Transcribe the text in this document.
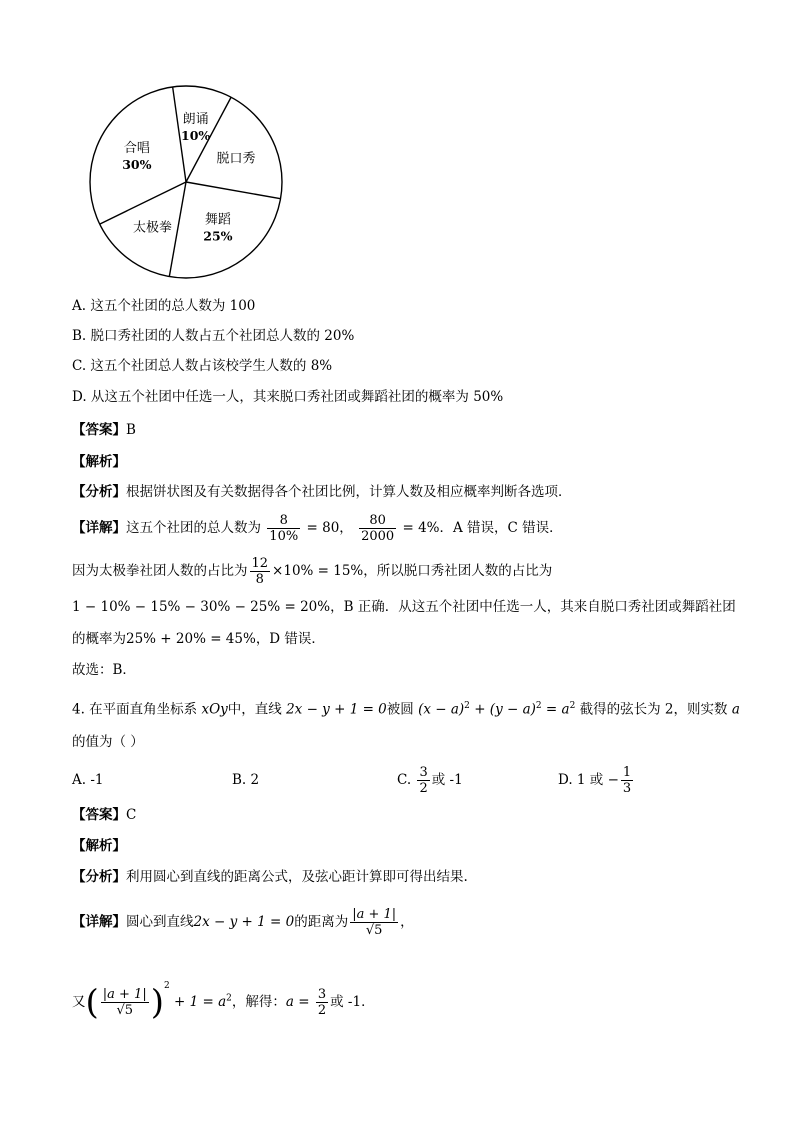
朗诵
10%
脱口秀
舞蹈
25%
太极拳
合唱
30%
A. 这五个社团的总人数为 100
B. 脱口秀社团的人数占五个社团总人数的 20%
C. 这五个社团总人数占该校学生人数的 8%
D. 从这五个社团中任选一人，其来脱口秀社团或舞蹈社团的概率为 50%
【答案】B
【解析】
【分析】根据饼状图及有关数据得各个社团比例，计算人数及相应概率判断各选项．
【详解】这五个社团的总人数为 $\frac{8}{10\%} = 80$， $\frac{80}{2000} = 4\%$．A 错误，C 错误．
因为太极拳社团人数的占比为 $\frac{12}{8} \times 10\% = 15\%$，所以脱口秀社团人数的占比为
1 − 10% − 15% − 30% − 25% = 20%，B 正确．从这五个社团中任选一人，其来自脱口秀社团或舞蹈社团
的概率为25% + 20% = 45%，D 错误．
故选：B．
4. 在平面直角坐标系 xOy中，直线 2x − y + 1 = 0被圆 $(x - a)^2 + (y - a)^2 = a^2$ 截得的弦长为 2，则实数 a
的值为（ ）
A. -1	B. 2	C. $\frac{3}{2}$ 或 -1	D. 1 或 − $\frac{1}{3}$
【答案】C
【解析】
【分析】利用圆心到直线的距离公式，及弦心距计算即可得出结果.
【详解】圆心到直线2x − y + 1 = 0的距离为 $\frac{|a + 1|}{√5}$ ，
又( $\frac{|a + 1|}{√5} )^2 + 1 = a^2$，解得：$a = \frac{3}{2}$ 或 -1．
